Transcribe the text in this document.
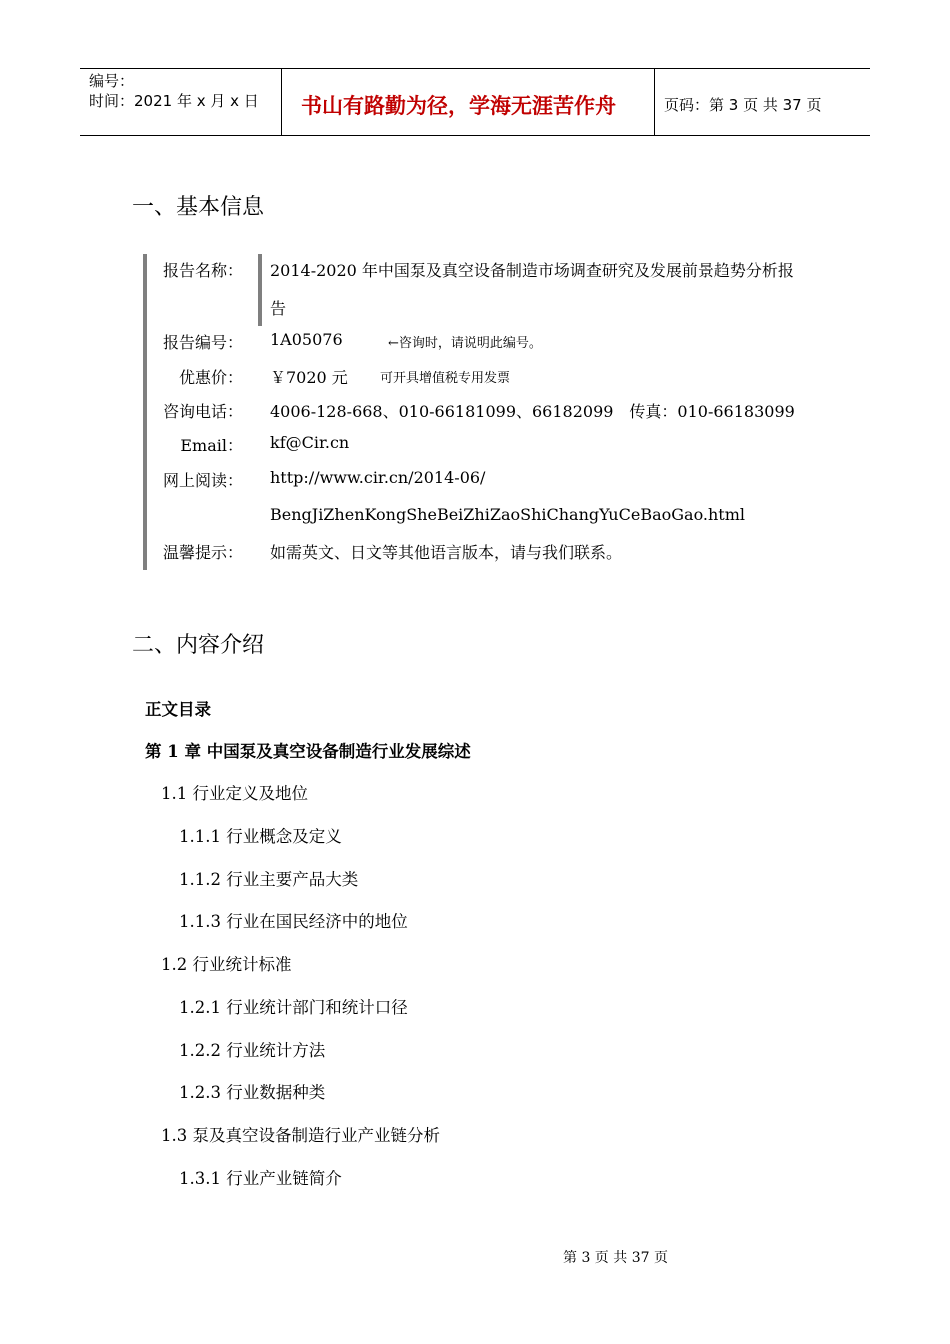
编号：
时间：2021 年 x 月 x 日 书山有路勤为径，学海无涯苦作舟	页码：第 3 页 共 37 页
一、基本信息
报告名称： 2014-2020 年中国泵及真空设备制造市场调查研究及发展前景趋势分析报
告
报告编号： 1A05076	←咨询时，请说明此编号。
优惠价： ￥7020 元 可开具增值税专用发票
咨询电话： 4006-128-668、010-66181099、66182099　传真：010-66183099
Email： kf@Cir.cn
网上阅读： http://www.cir.cn/2014-06/
BengJiZhenKongSheBeiZhiZaoShiChangYuCeBaoGao.html
温馨提示： 如需英文、日文等其他语言版本，请与我们联系。
二、内容介绍
正文目录
第 1 章 中国泵及真空设备制造行业发展综述
1.1 行业定义及地位
1.1.1 行业概念及定义
1.1.2 行业主要产品大类
1.1.3 行业在国民经济中的地位
1.2 行业统计标准
1.2.1 行业统计部门和统计口径
1.2.2 行业统计方法
1.2.3 行业数据种类
1.3 泵及真空设备制造行业产业链分析
1.3.1 行业产业链简介
第 3 页 共 37 页
